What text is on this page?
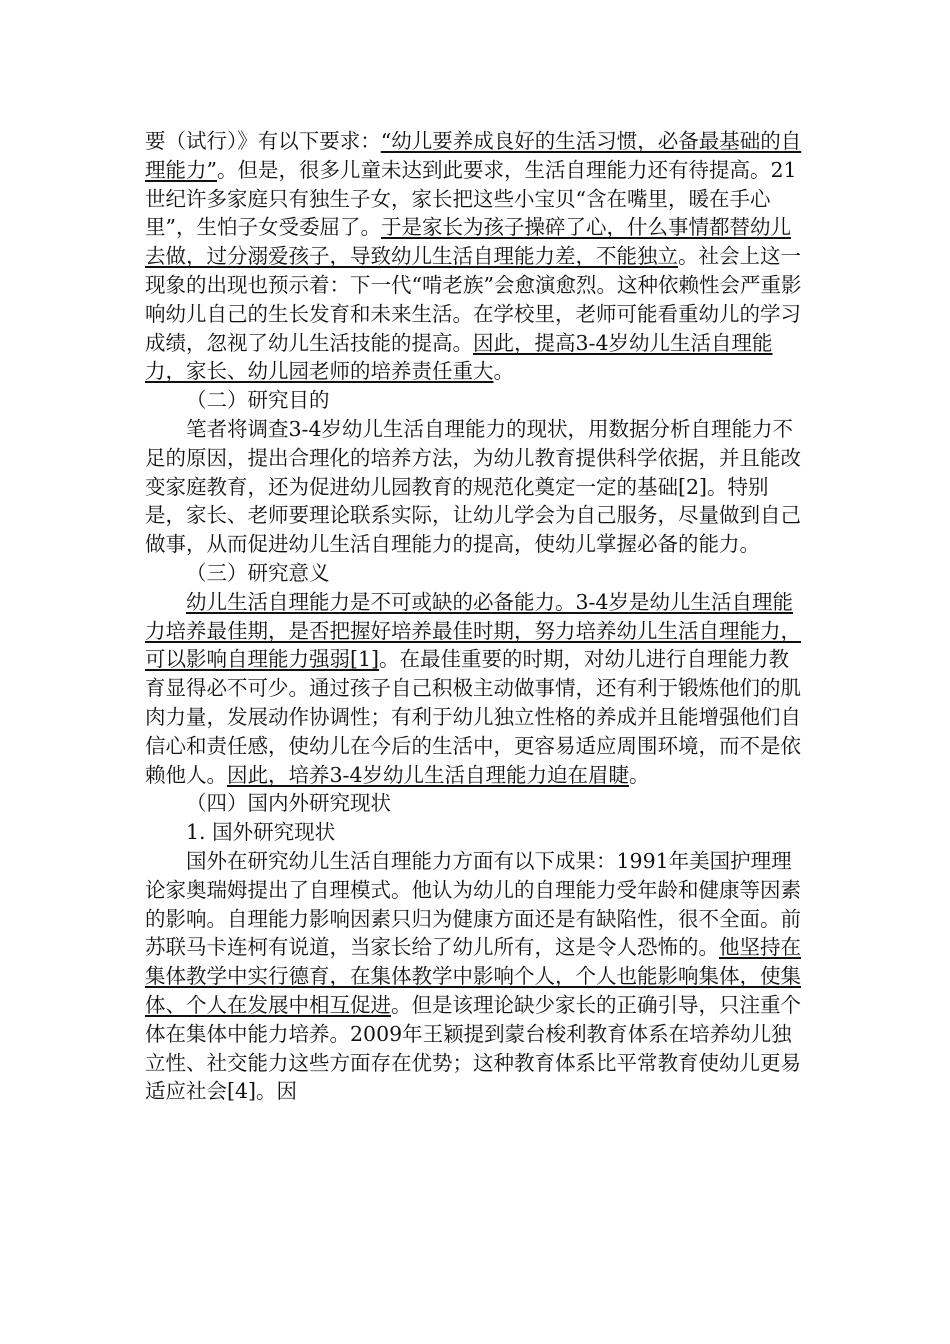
要（试行）》有以下要求：“幼儿要养成良好的生活习惯，必备最基础的自理能力”。但是，很多儿童未达到此要求，生活自理能力还有待提高。21世纪许多家庭只有独生子女，家长把这些小宝贝“含在嘴里，暖在手心里”，生怕子女受委屈了。于是家长为孩子操碎了心，什么事情都替幼儿去做，过分溺爱孩子，导致幼儿生活自理能力差，不能独立。社会上这一现象的出现也预示着：下一代“啃老族”会愈演愈烈。这种依赖性会严重影响幼儿自己的生长发育和未来生活。在学校里，老师可能看重幼儿的学习成绩，忽视了幼儿生活技能的提高。因此，提高3-4岁幼儿生活自理能力，家长、幼儿园老师的培养责任重大。

（二）研究目的

笔者将调查3-4岁幼儿生活自理能力的现状，用数据分析自理能力不足的原因，提出合理化的培养方法，为幼儿教育提供科学依据，并且能改变家庭教育，还为促进幼儿园教育的规范化奠定一定的基础[2]。特别是，家长、老师要理论联系实际，让幼儿学会为自己服务，尽量做到自己做事，从而促进幼儿生活自理能力的提高，使幼儿掌握必备的能力。

（三）研究意义

幼儿生活自理能力是不可或缺的必备能力。3-4岁是幼儿生活自理能力培养最佳期，是否把握好培养最佳时期，努力培养幼儿生活自理能力，可以影响自理能力强弱[1]。在最佳重要的时期，对幼儿进行自理能力教育显得必不可少。通过孩子自己积极主动做事情，还有利于锻炼他们的肌肉力量，发展动作协调性；有利于幼儿独立性格的养成并且能增强他们自信心和责任感，使幼儿在今后的生活中，更容易适应周围环境，而不是依赖他人。因此，培养3-4岁幼儿生活自理能力迫在眉睫。

（四）国内外研究现状

1. 国外研究现状

国外在研究幼儿生活自理能力方面有以下成果：1991年美国护理理论家奥瑞姆提出了自理模式。他认为幼儿的自理能力受年龄和健康等因素的影响。自理能力影响因素只归为健康方面还是有缺陷性，很不全面。前苏联马卡连柯有说道，当家长给了幼儿所有，这是令人恐怖的。他坚持在集体教学中实行德育，在集体教学中影响个人，个人也能影响集体，使集体、个人在发展中相互促进。但是该理论缺少家长的正确引导，只注重个体在集体中能力培养。2009年王颖提到蒙台梭利教育体系在培养幼儿独立性、社交能力这些方面存在优势；这种教育体系比平常教育使幼儿更易适应社会[4]。因
